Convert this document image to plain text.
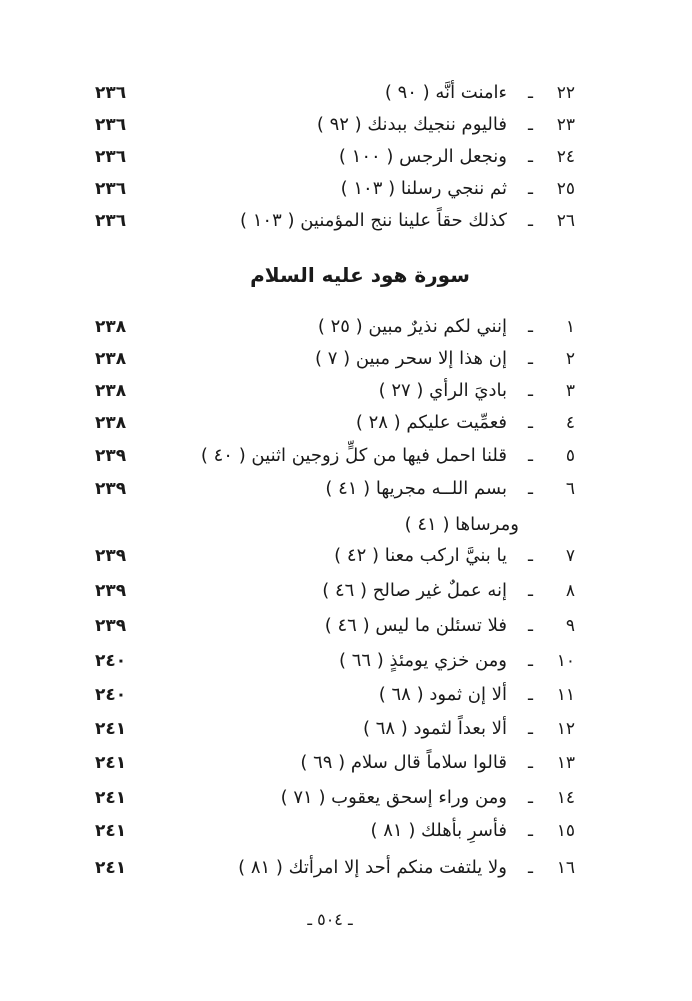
٢٢
ـ
ءامنت أنَّه ( ٩٠ )
٢٣٦
٢٣
ـ
فاليوم ننجيك ببدنك ( ٩٢ )
٢٣٦
٢٤
ـ
ونجعل الرجس ( ١٠٠ )
٢٣٦
٢٥
ـ
ثم ننجي رسلنا ( ١٠٣ )
٢٣٦
٢٦
ـ
كذلك حقاً علينا ننج المؤمنين ( ١٠٣ )
٢٣٦
سورة هود عليه السلام
١
ـ
إنني لكم نذيرٌ مبين ( ٢٥ )
٢٣٨
٢
ـ
إن هذا إلا سحر مبين ( ٧ )
٢٣٨
٣
ـ
باديَ الرأي ( ٢٧ )
٢٣٨
٤
ـ
فعمِّيت عليكم ( ٢٨ )
٢٣٨
٥
ـ
قلنا احمل فيها من كلٍّ زوجين اثنين ( ٤٠ )
٢٣٩
٦
ـ
بسم اللــه مجريها ( ٤١ )
٢٣٩
ومرساها ( ٤١ )
٧
ـ
يا بنيَّ اركب معنا ( ٤٢ )
٢٣٩
٨
ـ
إنه عملٌ غير صالح ( ٤٦ )
٢٣٩
٩
ـ
فلا تسئلن ما ليس ( ٤٦ )
٢٣٩
١٠
ـ
ومن خزي يومئذٍ ( ٦٦ )
٢٤٠
١١
ـ
ألا إن ثمود ( ٦٨ )
٢٤٠
١٢
ـ
ألا بعداً لثمود ( ٦٨ )
٢٤١
١٣
ـ
قالوا سلاماً قال سلام ( ٦٩ )
٢٤١
١٤
ـ
ومن وراء إسحق يعقوب ( ٧١ )
٢٤١
١٥
ـ
فأسرِ بأهلك ( ٨١ )
٢٤١
١٦
ـ
ولا يلتفت منكم أحد إلا امرأتك ( ٨١ )
٢٤١
ـ ٥٠٤ ـ
